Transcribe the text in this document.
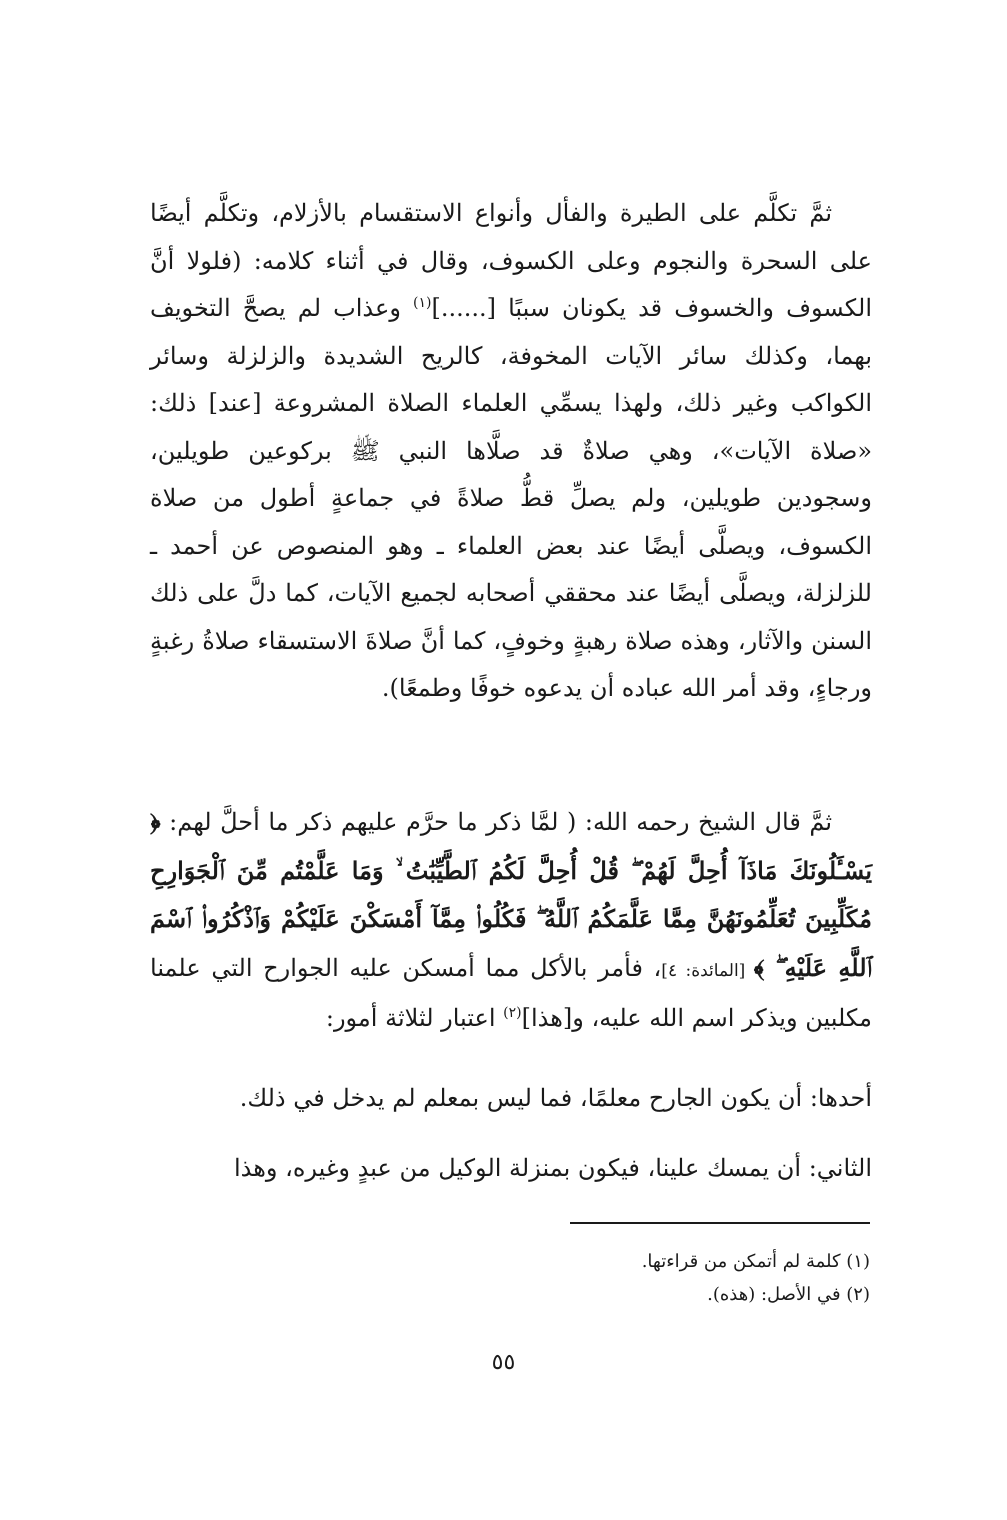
ثمَّ تكلَّم على الطيرة والفأل وأنواع الاستقسام بالأزلام، وتكلَّم أيضًا على السحرة والنجوم وعلى الكسوف، وقال في أثناء كلامه: (فلولا أنَّ الكسوف والخسوف قد يكونان سببًا [......]$^{(١)}$ وعذاب لم يصحَّ التخويف بهما، وكذلك سائر الآيات المخوفة، كالريح الشديدة والزلزلة وسائر الكواكب وغير ذلك، ولهذا يسمِّي العلماء الصلاة المشروعة [عند] ذلك: «صلاة الآيات»، وهي صلاةٌ قد صلَّاها النبي ﷺ بركوعين طويلين، وسجودين طويلين، ولم يصلِّ قطُّ صلاةً في جماعةٍ أطول من صلاة الكسوف، ويصلَّى أيضًا عند بعض العلماء ـ وهو المنصوص عن أحمد ـ للزلزلة، ويصلَّى أيضًا عند محققي أصحابه لجميع الآيات، كما دلَّ على ذلك السنن والآثار، وهذه صلاة رهبةٍ وخوفٍ، كما أنَّ صلاةَ الاستسقاء صلاةُ رغبةٍ ورجاءٍ، وقد أمر الله عباده أن يدعوه خوفًا وطمعًا).

ثمَّ قال الشيخ رحمه الله: ( لمَّا ذكر ما حرَّم عليهم ذكر ما أحلَّ لهم: ﴿ يَسْـَٔلُونَكَ مَاذَآ أُحِلَّ لَهُمْ ۖ قُلْ أُحِلَّ لَكُمُ ٱلطَّيِّبَٰتُ ۙ وَمَا عَلَّمْتُم مِّنَ ٱلْجَوَارِحِ مُكَلِّبِينَ تُعَلِّمُونَهُنَّ مِمَّا عَلَّمَكُمُ ٱللَّهُ ۖ فَكُلُوا۟ مِمَّآ أَمْسَكْنَ عَلَيْكُمْ وَٱذْكُرُوا۟ ٱسْمَ ٱللَّهِ عَلَيْهِ ۖ ﴾ [المائدة: ٤]، فأمر بالأكل مما أمسكن عليه الجوارح التي علمنا مكلبين ويذكر اسم الله عليه، و[هذا]$^{(٢)}$ اعتبار لثلاثة أمور:

أحدها: أن يكون الجارح معلمًا، فما ليس بمعلم لم يدخل في ذلك.

الثاني: أن يمسك علينا، فيكون بمنزلة الوكيل من عبدٍ وغيره، وهذا

(١) كلمة لم أتمكن من قراءتها.

(٢) في الأصل: (هذه).

٥٥
